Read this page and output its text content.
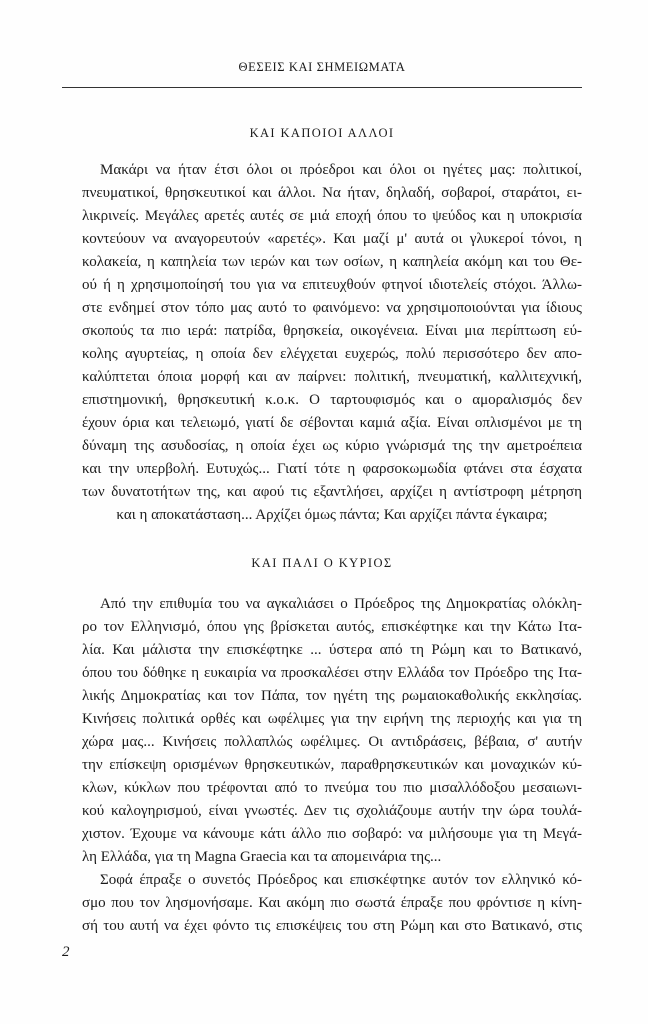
ΘΕΣΕΙΣ ΚΑΙ ΣΗΜΕΙΩΜΑΤΑ
ΚΑΙ ΚΑΠΟΙΟΙ ΑΛΛΟΙ
Μακάρι να ήταν έτσι όλοι οι πρόεδροι και όλοι οι ηγέτες μας: πολιτικοί,
πνευματικοί, θρησκευτικοί και άλλοι. Να ήταν, δηλαδή, σοβαροί, σταράτοι, ει-
λικρινείς. Μεγάλες αρετές αυτές σε μιά εποχή όπου το ψεύδος και η υποκρισία
κοντεύουν να αναγορευτούν «αρετές». Και μαζί μ' αυτά οι γλυκεροί τόνοι, η
κολακεία, η καπηλεία των ιερών και των οσίων, η καπηλεία ακόμη και του Θε-
ού ή η χρησιμοποίησή του για να επιτευχθούν φτηνοί ιδιοτελείς στόχοι. Άλλω-
στε ενδημεί στον τόπο μας αυτό το φαινόμενο: να χρησιμοποιούνται για ίδιους
σκοπούς τα πιο ιερά: πατρίδα, θρησκεία, οικογένεια. Είναι μια περίπτωση εύ-
κολης αγυρτείας, η οποία δεν ελέγχεται ευχερώς, πολύ περισσότερο δεν απο-
καλύπτεται όποια μορφή και αν παίρνει: πολιτική, πνευματική, καλλιτεχνική,
επιστημονική, θρησκευτική κ.ο.κ. Ο ταρτουφισμός και ο αμοραλισμός δεν
έχουν όρια και τελειωμό, γιατί δε σέβονται καμιά αξία. Είναι οπλισμένοι με τη
δύναμη της ασυδοσίας, η οποία έχει ως κύριο γνώρισμά της την αμετροέπεια
και την υπερβολή. Ευτυχώς... Γιατί τότε η φαρσοκωμωδία φτάνει στα έσχατα
των δυνατοτήτων της, και αφού τις εξαντλήσει, αρχίζει η αντίστροφη μέτρηση
και η αποκατάσταση... Αρχίζει όμως πάντα; Και αρχίζει πάντα έγκαιρα;
ΚΑΙ ΠΑΛΙ Ο ΚΥΡΙΟΣ
Από την επιθυμία του να αγκαλιάσει ο Πρόεδρος της Δημοκρατίας ολόκλη-
ρο τον Ελληνισμό, όπου γης βρίσκεται αυτός, επισκέφτηκε και την Κάτω Ιτα-
λία. Και μάλιστα την επισκέφτηκε ... ύστερα από τη Ρώμη και το Βατικανό,
όπου του δόθηκε η ευκαιρία να προσκαλέσει στην Ελλάδα τον Πρόεδρο της Ιτα-
λικής Δημοκρατίας και τον Πάπα, τον ηγέτη της ρωμαιοκαθολικής εκκλησίας.
Κινήσεις πολιτικά ορθές και ωφέλιμες για την ειρήνη της περιοχής και για τη
χώρα μας... Κινήσεις πολλαπλώς ωφέλιμες. Οι αντιδράσεις, βέβαια, σ' αυτήν
την επίσκεψη ορισμένων θρησκευτικών, παραθρησκευτικών και μοναχικών κύ-
κλων, κύκλων που τρέφονται από το πνεύμα του πιο μισαλλόδοξου μεσαιωνι-
κού καλογηρισμού, είναι γνωστές. Δεν τις σχολιάζουμε αυτήν την ώρα τουλά-
χιστον. Έχουμε να κάνουμε κάτι άλλο πιο σοβαρό: να μιλήσουμε για τη Μεγά-
λη Ελλάδα, για τη Magna Graecia και τα απομεινάρια της...
Σοφά έπραξε ο συνετός Πρόεδρος και επισκέφτηκε αυτόν τον ελληνικό κό-
σμο που τον λησμονήσαμε. Και ακόμη πιο σωστά έπραξε που φρόντισε η κίνη-
σή του αυτή να έχει φόντο τις επισκέψεις του στη Ρώμη και στο Βατικανό, στις
2
